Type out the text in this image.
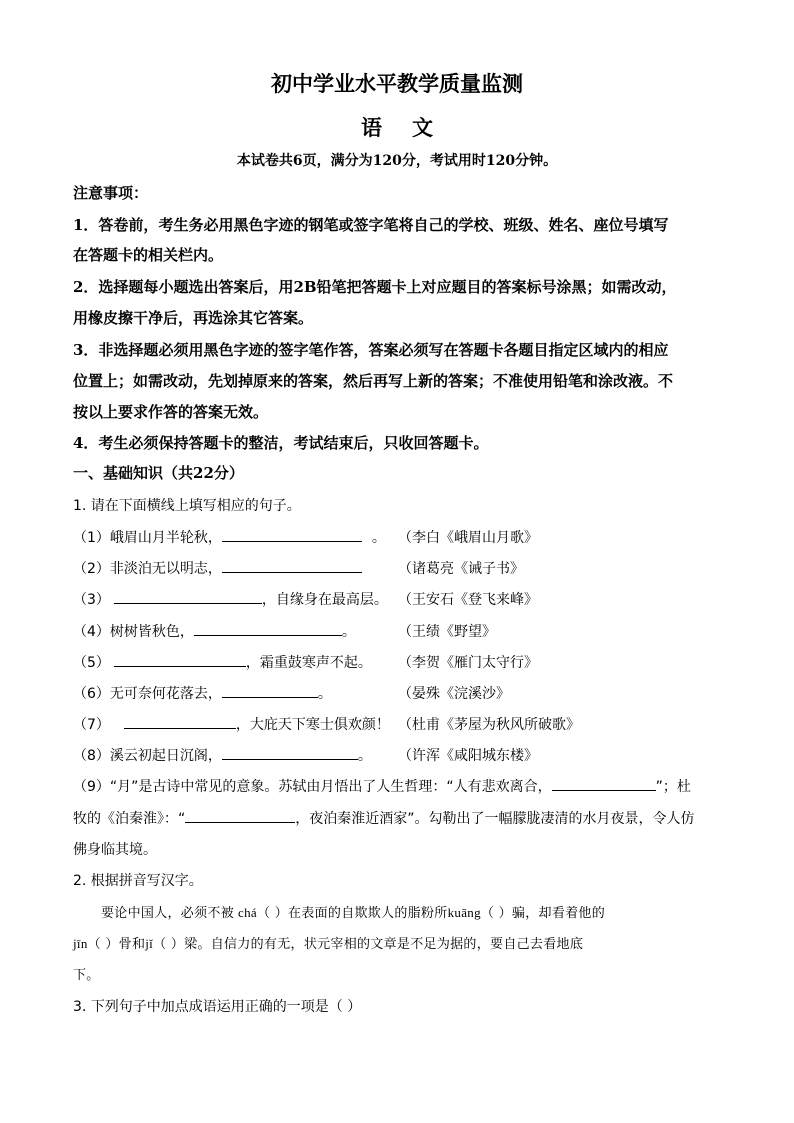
初中学业水平教学质量监测
语文
本试卷共6页，满分为120分，考试用时120分钟。
注意事项：
1．答卷前，考生务必用黑色字迹的钢笔或签字笔将自己的学校、班级、姓名、座位号填写
在答题卡的相关栏内。
2．选择题每小题选出答案后，用2B铅笔把答题卡上对应题目的答案标号涂黑；如需改动，
用橡皮擦干净后，再选涂其它答案。
3．非选择题必须用黑色字迹的签字笔作答，答案必须写在答题卡各题目指定区域内的相应
位置上；如需改动，先划掉原来的答案，然后再写上新的答案；不准使用铅笔和涂改液。不
按以上要求作答的答案无效。
4．考生必须保持答题卡的整洁，考试结束后，只收回答题卡。
一、基础知识（共22分）
1. 请在下面横线上填写相应的句子。
（1）峨眉山月半轮秋，	。 （李白《峨眉山月歌》
（2）非淡泊无以明志，	（诸葛亮《诫子书》
（3）	，自缘身在最高层。 （王安石《登飞来峰》
（4）树树皆秋色，	。	（王绩《野望》
（5）	，霜重鼓寒声不起。 （李贺《雁门太守行》
（6）无可奈何花落去，	。	（晏殊《浣溪沙》
（7）	，大庇天下寒士俱欢颜！ （杜甫《茅屋为秋风所破歌》
（8）溪云初起日沉阁，	。 （许浑《咸阳城东楼》
（9）“月”是古诗中常见的意象。苏轼由月悟出了人生哲理：“人有悲欢离合，	”；杜
牧的《泊秦淮》：“	，夜泊秦淮近酒家”。勾勒出了一幅朦胧凄清的水月夜景，令人仿
佛身临其境。
2. 根据拼音写汉字。
要论中国人，必须不被 chá（ ）在表面的自欺欺人的脂粉所kuāng（ ）骗，却看着他的
jīn（ ）骨和jǐ（ ）梁。自信力的有无，状元宰相的文章是不足为据的，要自己去看地底
下。
3. 下列句子中加点成语运用正确的一项是（ ）
